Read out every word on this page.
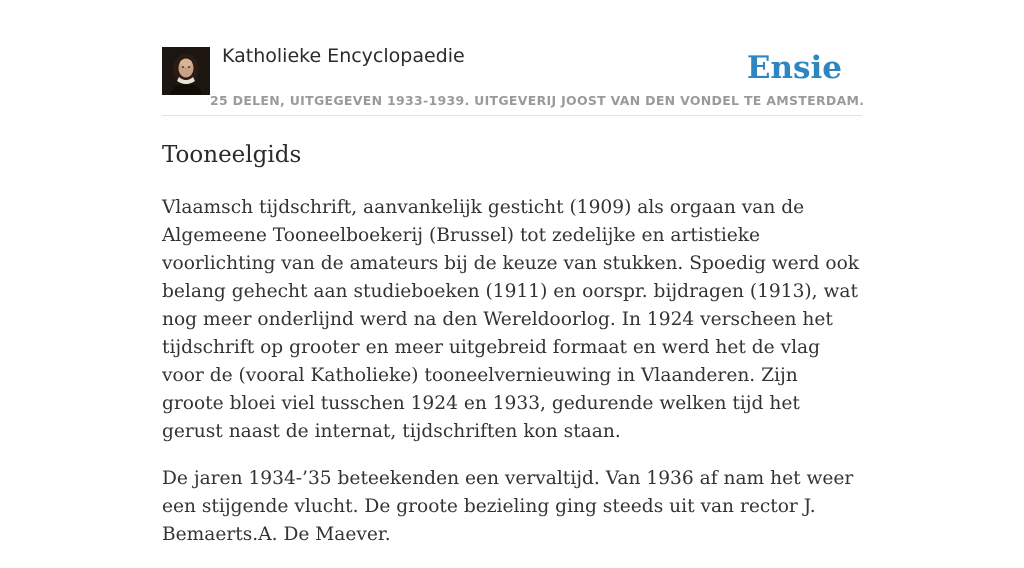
Katholieke Encyclopaedie	Ensie
25 DELEN, UITGEGEVEN 1933-1939. UITGEVERIJ JOOST VAN DEN VONDEL TE AMSTERDAM.
Tooneelgids

Vlaamsch tijdschrift, aanvankelijk gesticht (1909) als orgaan van de Algemeene Tooneelboekerij (Brussel) tot zedelijke en artistieke voorlichting van de amateurs bij de keuze van stukken. Spoedig werd ook belang gehecht aan studieboeken (1911) en oorspr. bijdragen (1913), wat nog meer onderlijnd werd na den Wereldoorlog. In 1924 verscheen het tijdschrift op grooter en meer uitgebreid formaat en werd het de vlag voor de (vooral Katholieke) tooneelvernieuwing in Vlaanderen. Zijn groote bloei viel tusschen 1924 en 1933, gedurende welken tijd het gerust naast de internat, tijdschriften kon staan.

De jaren 1934-’35 beteekenden een vervaltijd. Van 1936 af nam het weer een stijgende vlucht. De groote bezieling ging steeds uit van rector J. Bemaerts.A. De Maever.
